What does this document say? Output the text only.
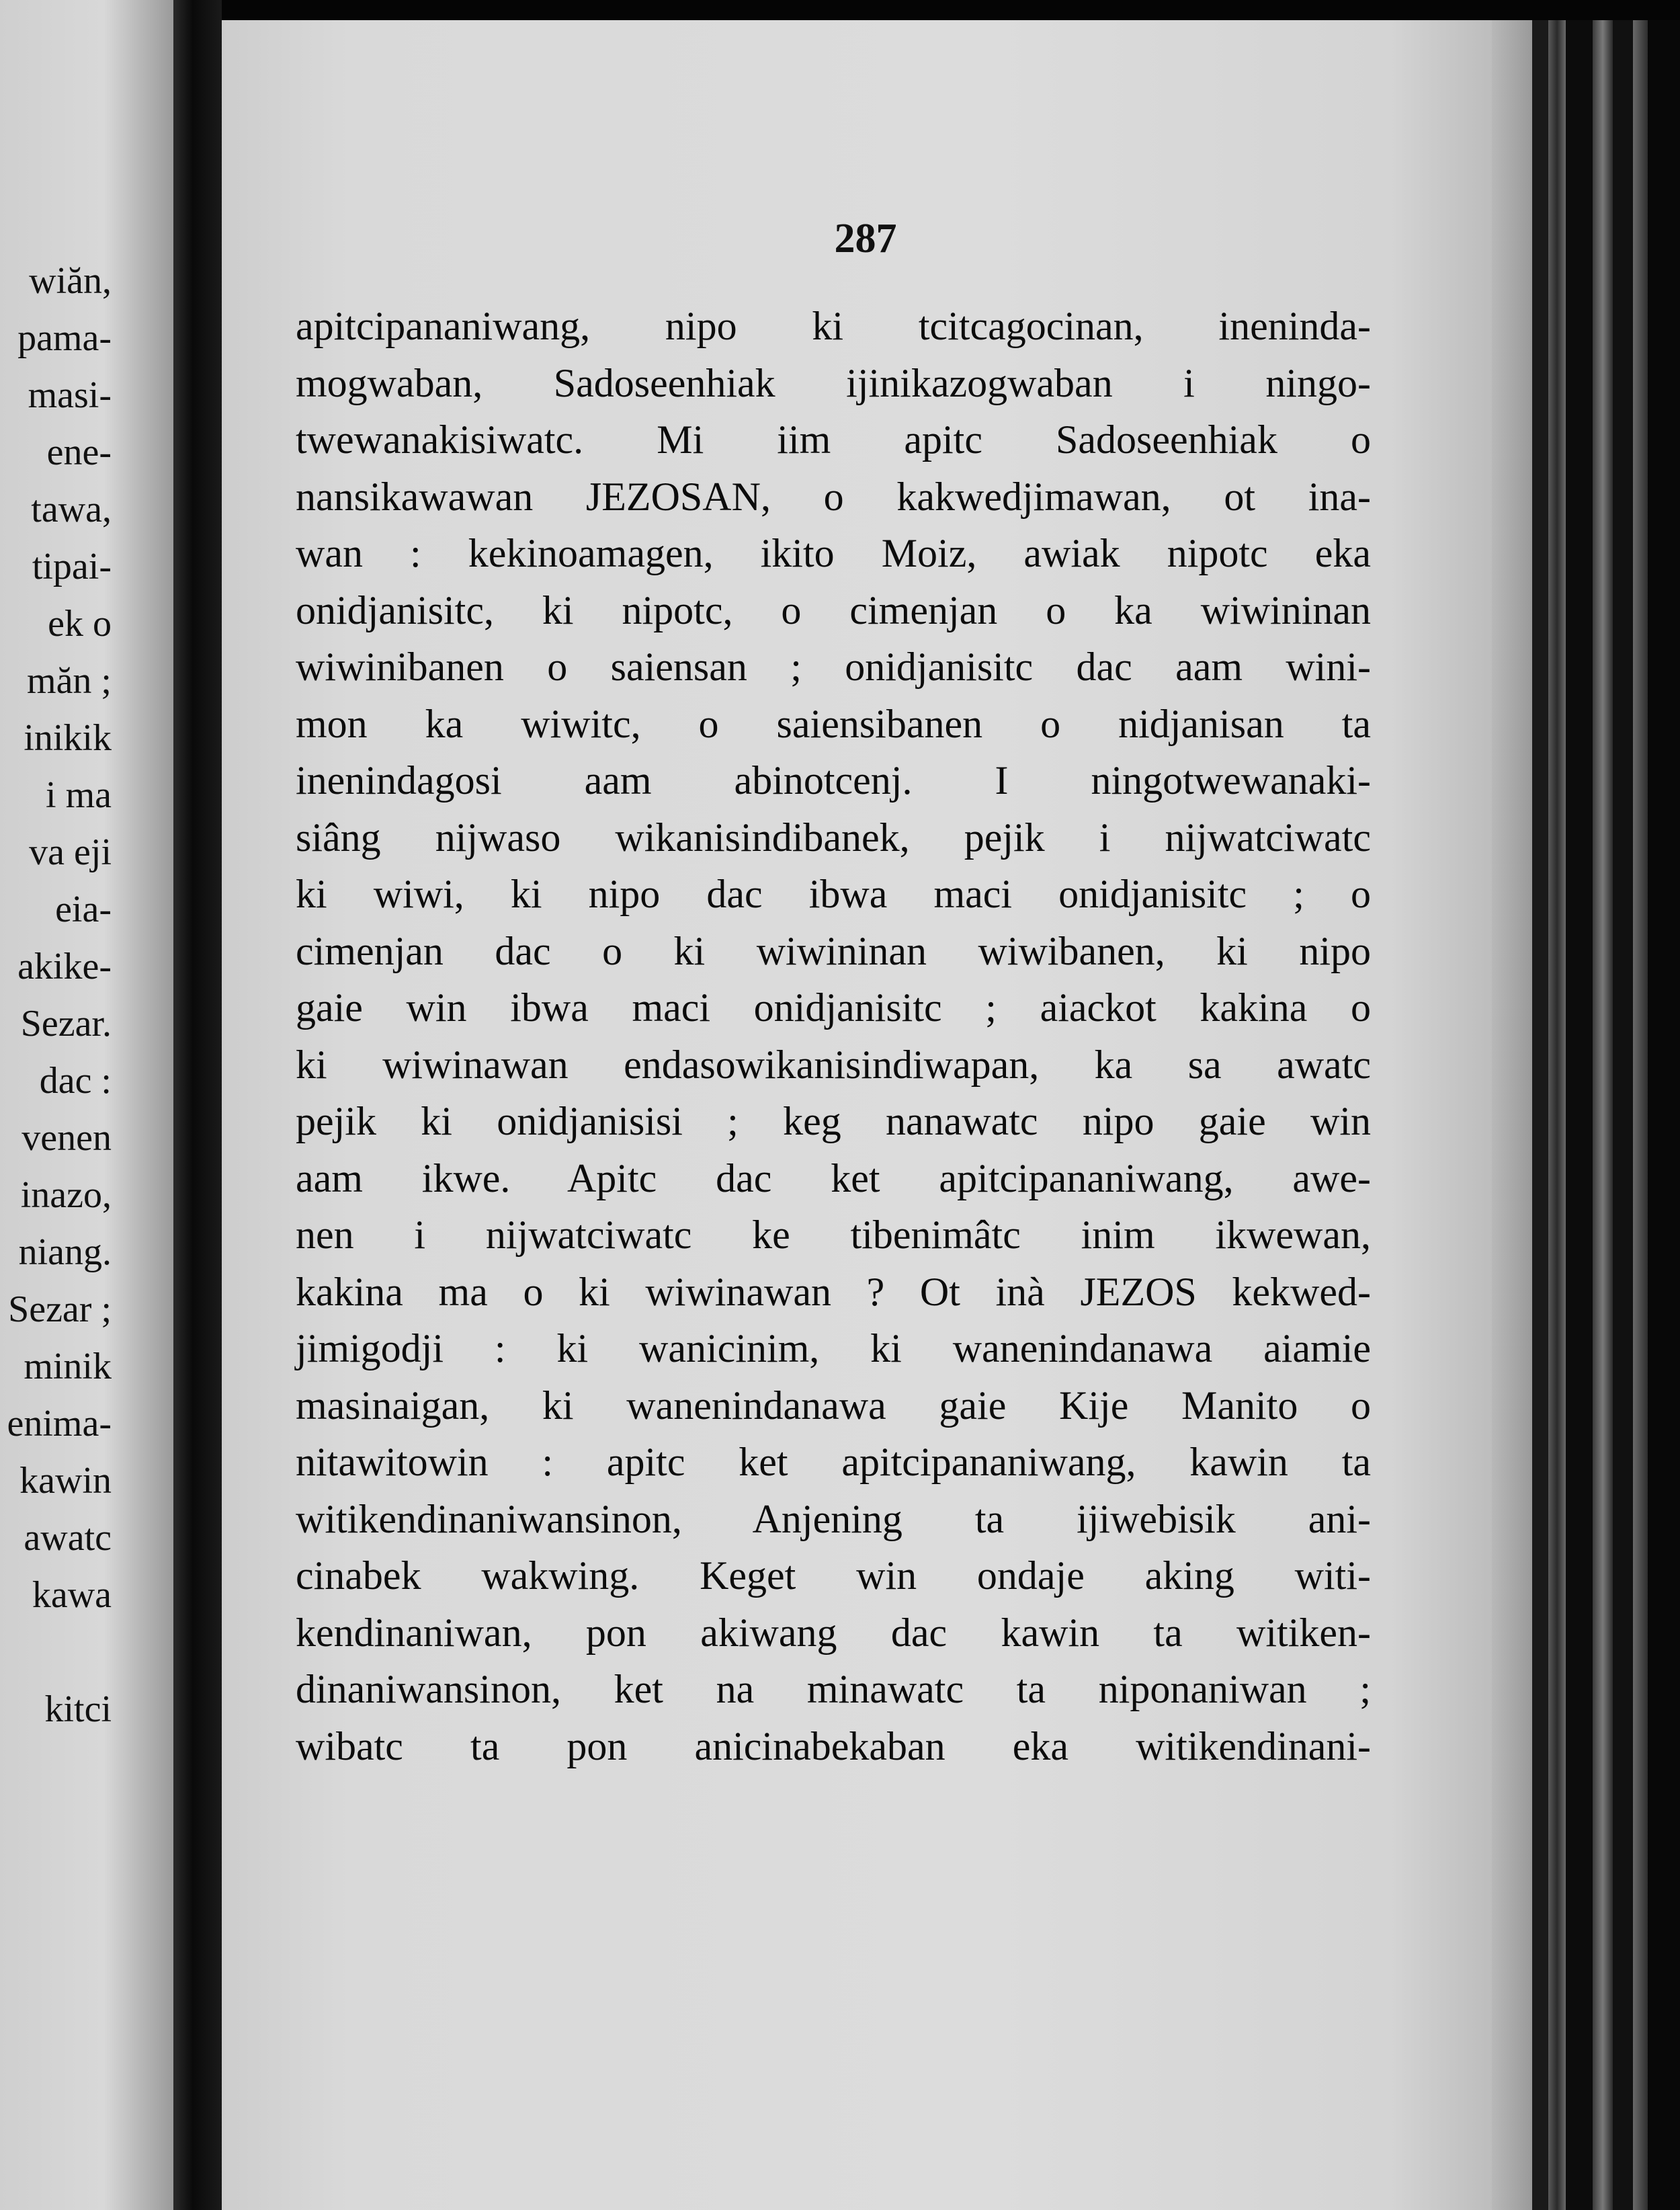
wiăn,
pama-
masi-
ene-
tawa,
tipai-
ek o
măn ;
inikik
i ma
va eji
eia-
akike-
Sezar.
dac :
venen
inazo,
niang.
Sezar ;
minik
enima-
kawin
awatc
kawa
kitci
287
apitcipananiwang, nipo ki tcitcagocinan, ineninda-
mogwaban, Sadoseenhiak ijinikazogwaban i ningo-
twewanakisiwatc. Mi iim apitc Sadoseenhiak o
nansikawawan JEZOSAN, o kakwedjimawan, ot ina-
wan : kekinoamagen, ikito Moiz, awiak nipotc eka
onidjanisitc, ki nipotc, o cimenjan o ka wiwininan
wiwinibanen o saiensan ; onidjanisitc dac aam wini-
mon ka wiwitc, o saiensibanen o nidjanisan ta
inenindagosi aam abinotcenj. I ningotwewanaki-
siâng nijwaso wikanisindibanek, pejik i nijwatciwatc
ki wiwi, ki nipo dac ibwa maci onidjanisitc ; o
cimenjan dac o ki wiwininan wiwibanen, ki nipo
gaie win ibwa maci onidjanisitc ; aiackot kakina o
ki wiwinawan endasowikanisindiwapan, ka sa awatc
pejik ki onidjanisisi ; keg nanawatc nipo gaie win
aam ikwe. Apitc dac ket apitcipananiwang, awe-
nen i nijwatciwatc ke tibenimâtc inim ikwewan,
kakina ma o ki wiwinawan ? Ot inà JEZOS kekwed-
jimigodji : ki wanicinim, ki wanenindanawa aiamie
masinaigan, ki wanenindanawa gaie Kije Manito o
nitawitowin : apitc ket apitcipananiwang, kawin ta
witikendinaniwansinon, Anjening ta ijiwebisik ani-
cinabek wakwing. Keget win ondaje aking witi-
kendinaniwan, pon akiwang dac kawin ta witiken-
dinaniwansinon, ket na minawatc ta niponaniwan ;
wibatc ta pon anicinabekaban eka witikendinani-
